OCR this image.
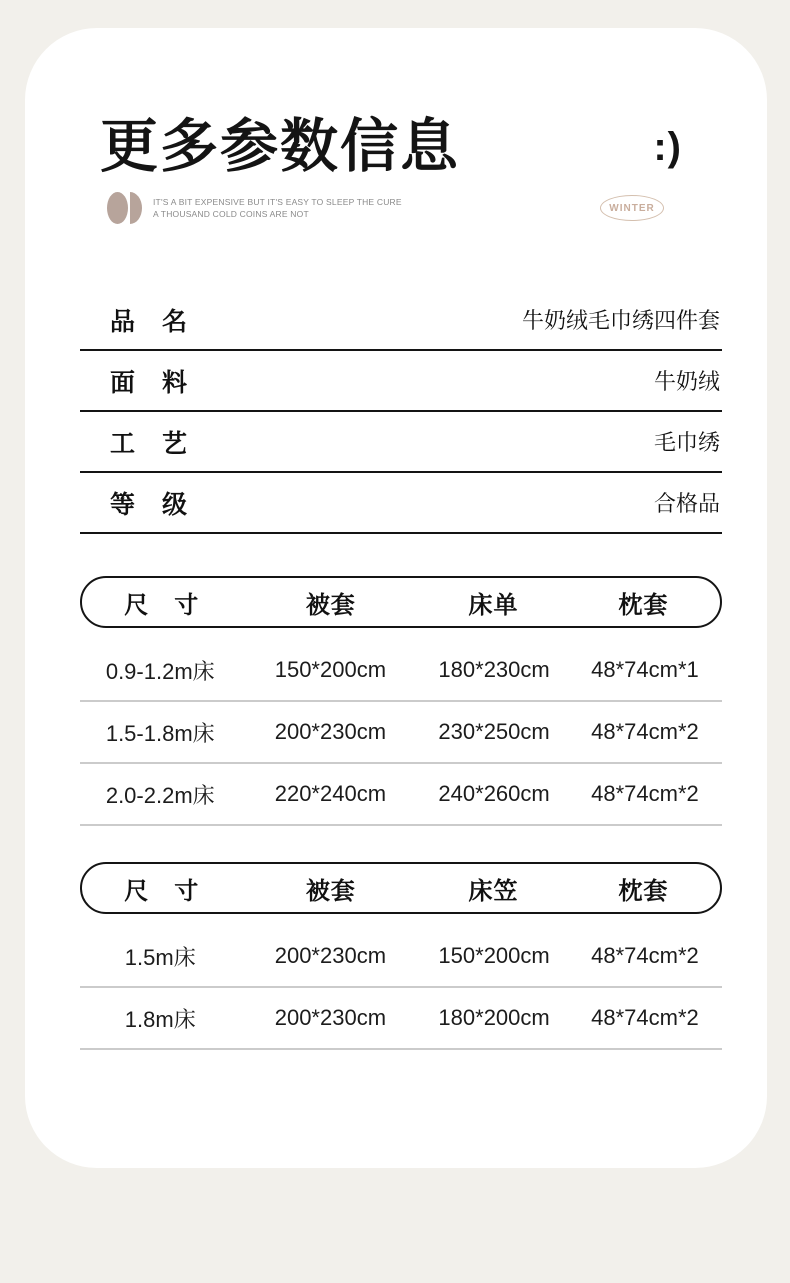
更多参数信息	:)
IT'S A BIT EXPENSIVE BUT IT'S EASY TO SLEEP THE CURE
A THOUSAND COLD COINS ARE NOT
WINTER
品　名	牛奶绒毛巾绣四件套
面　料	牛奶绒
工　艺	毛巾绣
等　级	合格品
尺　寸	被套	床单	枕套
0.9-1.2m床	150*200cm	180*230cm	48*74cm*1
1.5-1.8m床	200*230cm	230*250cm	48*74cm*2
2.0-2.2m床	220*240cm	240*260cm	48*74cm*2
尺　寸	被套	床笠	枕套
1.5m床	200*230cm	150*200cm	48*74cm*2
1.8m床	200*230cm	180*200cm	48*74cm*2
